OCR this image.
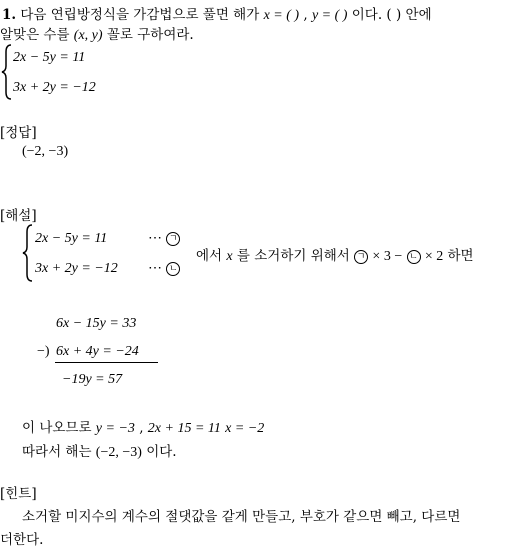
1. 다음 연립방정식을 가감법으로 풀면 해가 x = ( ) , y = ( ) 이다. ( ) 안에
알맞은 수를 (x, y) 꼴로 구하여라.
2x − 5y = 11
3x + 2y = −12
[정답]
(−2, −3)
[해설]
2x − 5y = 11	⋯ ㄱ
3x + 2y = −12 ⋯ ㄴ
에서 x 를 소거하기 위해서 ㄱ × 3 − ㄴ × 2 하면
6x − 15y = 33
−) 6x + 4y = −24
−19y = 57
이 나오므로 y = −3 , 2x + 15 = 11 x = −2
따라서 해는 (−2, −3) 이다.
[힌트]
소거할 미지수의 계수의 절댓값을 같게 만들고, 부호가 같으면 빼고, 다르면
더한다.
